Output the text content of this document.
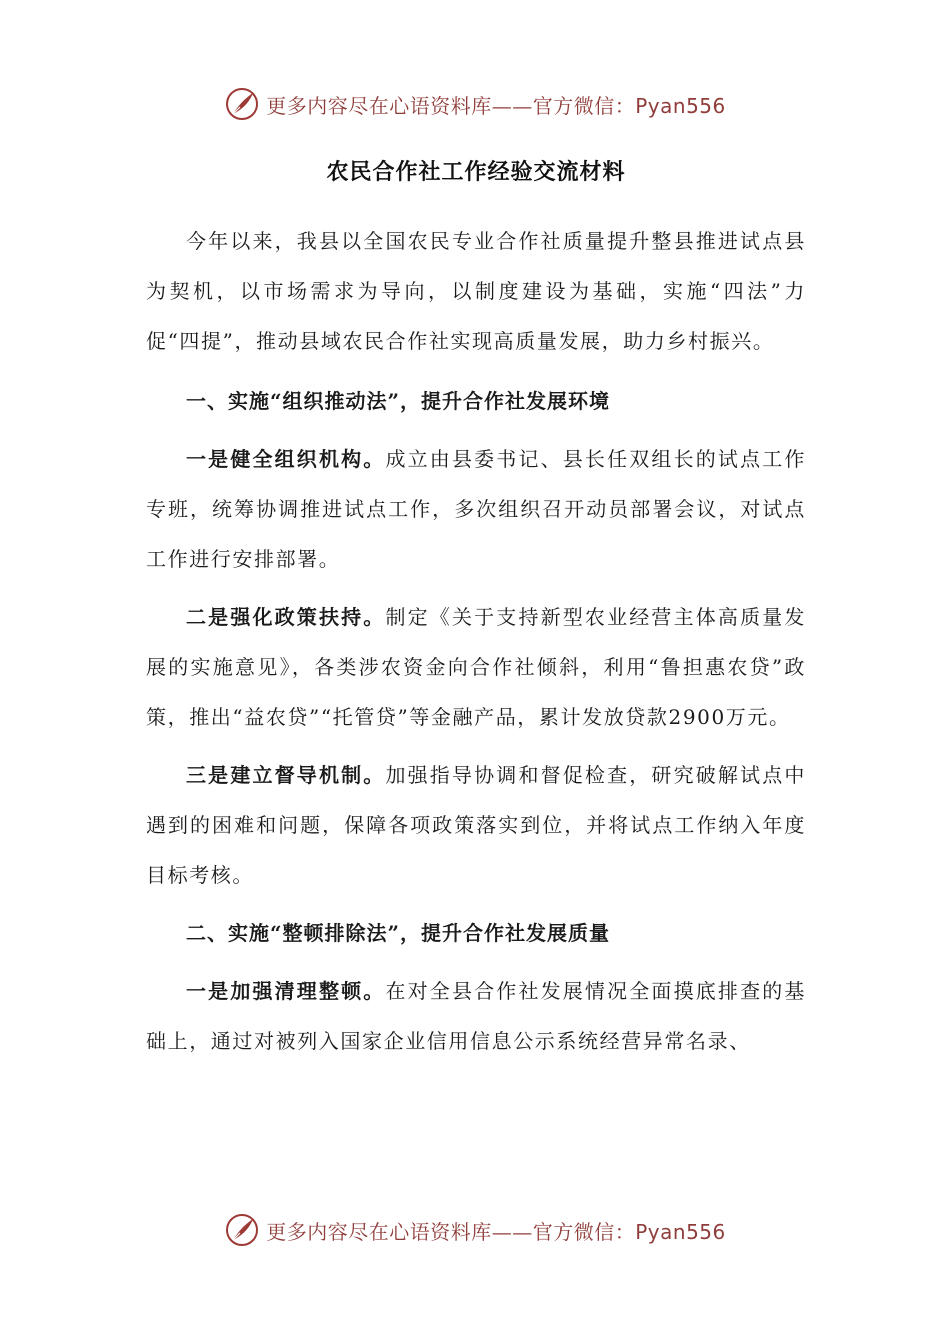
更多内容尽在心语资料库——官方微信：Pyan556
农民合作社工作经验交流材料

今年以来，我县以全国农民专业合作社质量提升整县推进试点县为契机，以市场需求为导向，以制度建设为基础，实施“四法”力促“四提”，推动县域农民合作社实现高质量发展，助力乡村振兴。

一、实施“组织推动法”，提升合作社发展环境

一是健全组织机构。成立由县委书记、县长任双组长的试点工作专班，统筹协调推进试点工作，多次组织召开动员部署会议，对试点工作进行安排部署。

二是强化政策扶持。制定《关于支持新型农业经营主体高质量发展的实施意见》，各类涉农资金向合作社倾斜，利用“鲁担惠农贷”政策，推出“益农贷”“托管贷”等金融产品，累计发放贷款2900万元。

三是建立督导机制。加强指导协调和督促检查，研究破解试点中遇到的困难和问题，保障各项政策落实到位，并将试点工作纳入年度目标考核。

二、实施“整顿排除法”，提升合作社发展质量

一是加强清理整顿。在对全县合作社发展情况全面摸底排查的基础上，通过对被列入国家企业信用信息公示系统经营异常名录、

更多内容尽在心语资料库——官方微信：Pyan556
